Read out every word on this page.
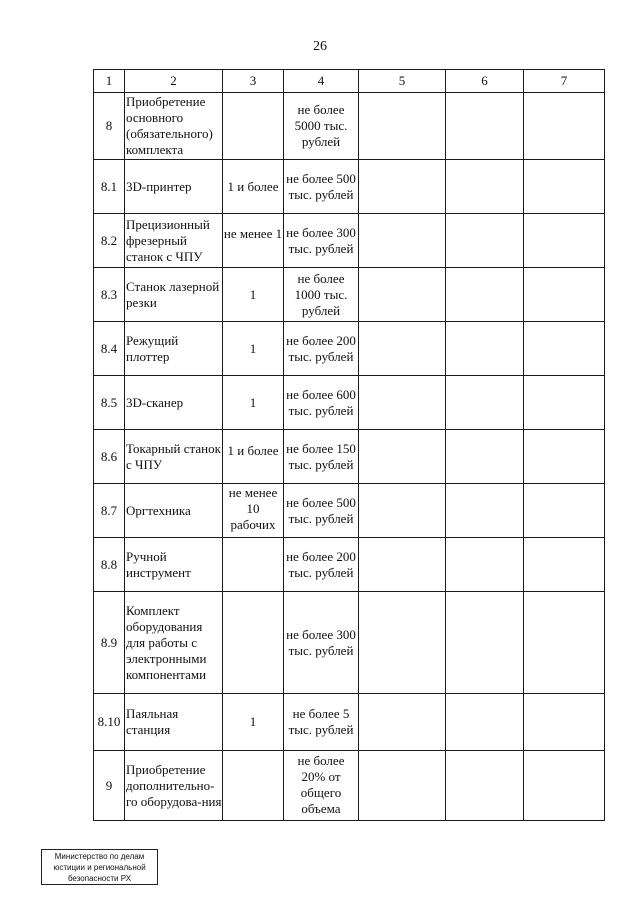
26
1	2	3	4	5	6	7
8	Приобретение основного (обязательного) комплекта		не более 5000 тыс. рублей			
8.1	3D-принтер	1 и более	не более 500 тыс. рублей			
8.2	Прецизионный фрезерный станок с ЧПУ	не менее 1	не более 300 тыс. рублей			
8.3	Станок лазерной резки	1	не более 1000 тыс. рублей			
8.4	Режущий плоттер	1	не более 200 тыс. рублей			
8.5	3D-сканер	1	не более 600 тыс. рублей			
8.6	Токарный станок с ЧПУ	1 и более	не более 150 тыс. рублей			
8.7	Оргтехника	не менее 10 рабочих	не более 500 тыс. рублей			
8.8	Ручной инструмент		не более 200 тыс. рублей			
8.9	Комплект оборудования для работы с электронными компонентами		не более 300 тыс. рублей			
8.10	Паяльная станция	1	не более 5 тыс. рублей			
9	Приобретение дополнительно-го оборудова-ния		не более 20% от общего объема			
Министерство по делам
юстиции и региональной
безопасности РХ
